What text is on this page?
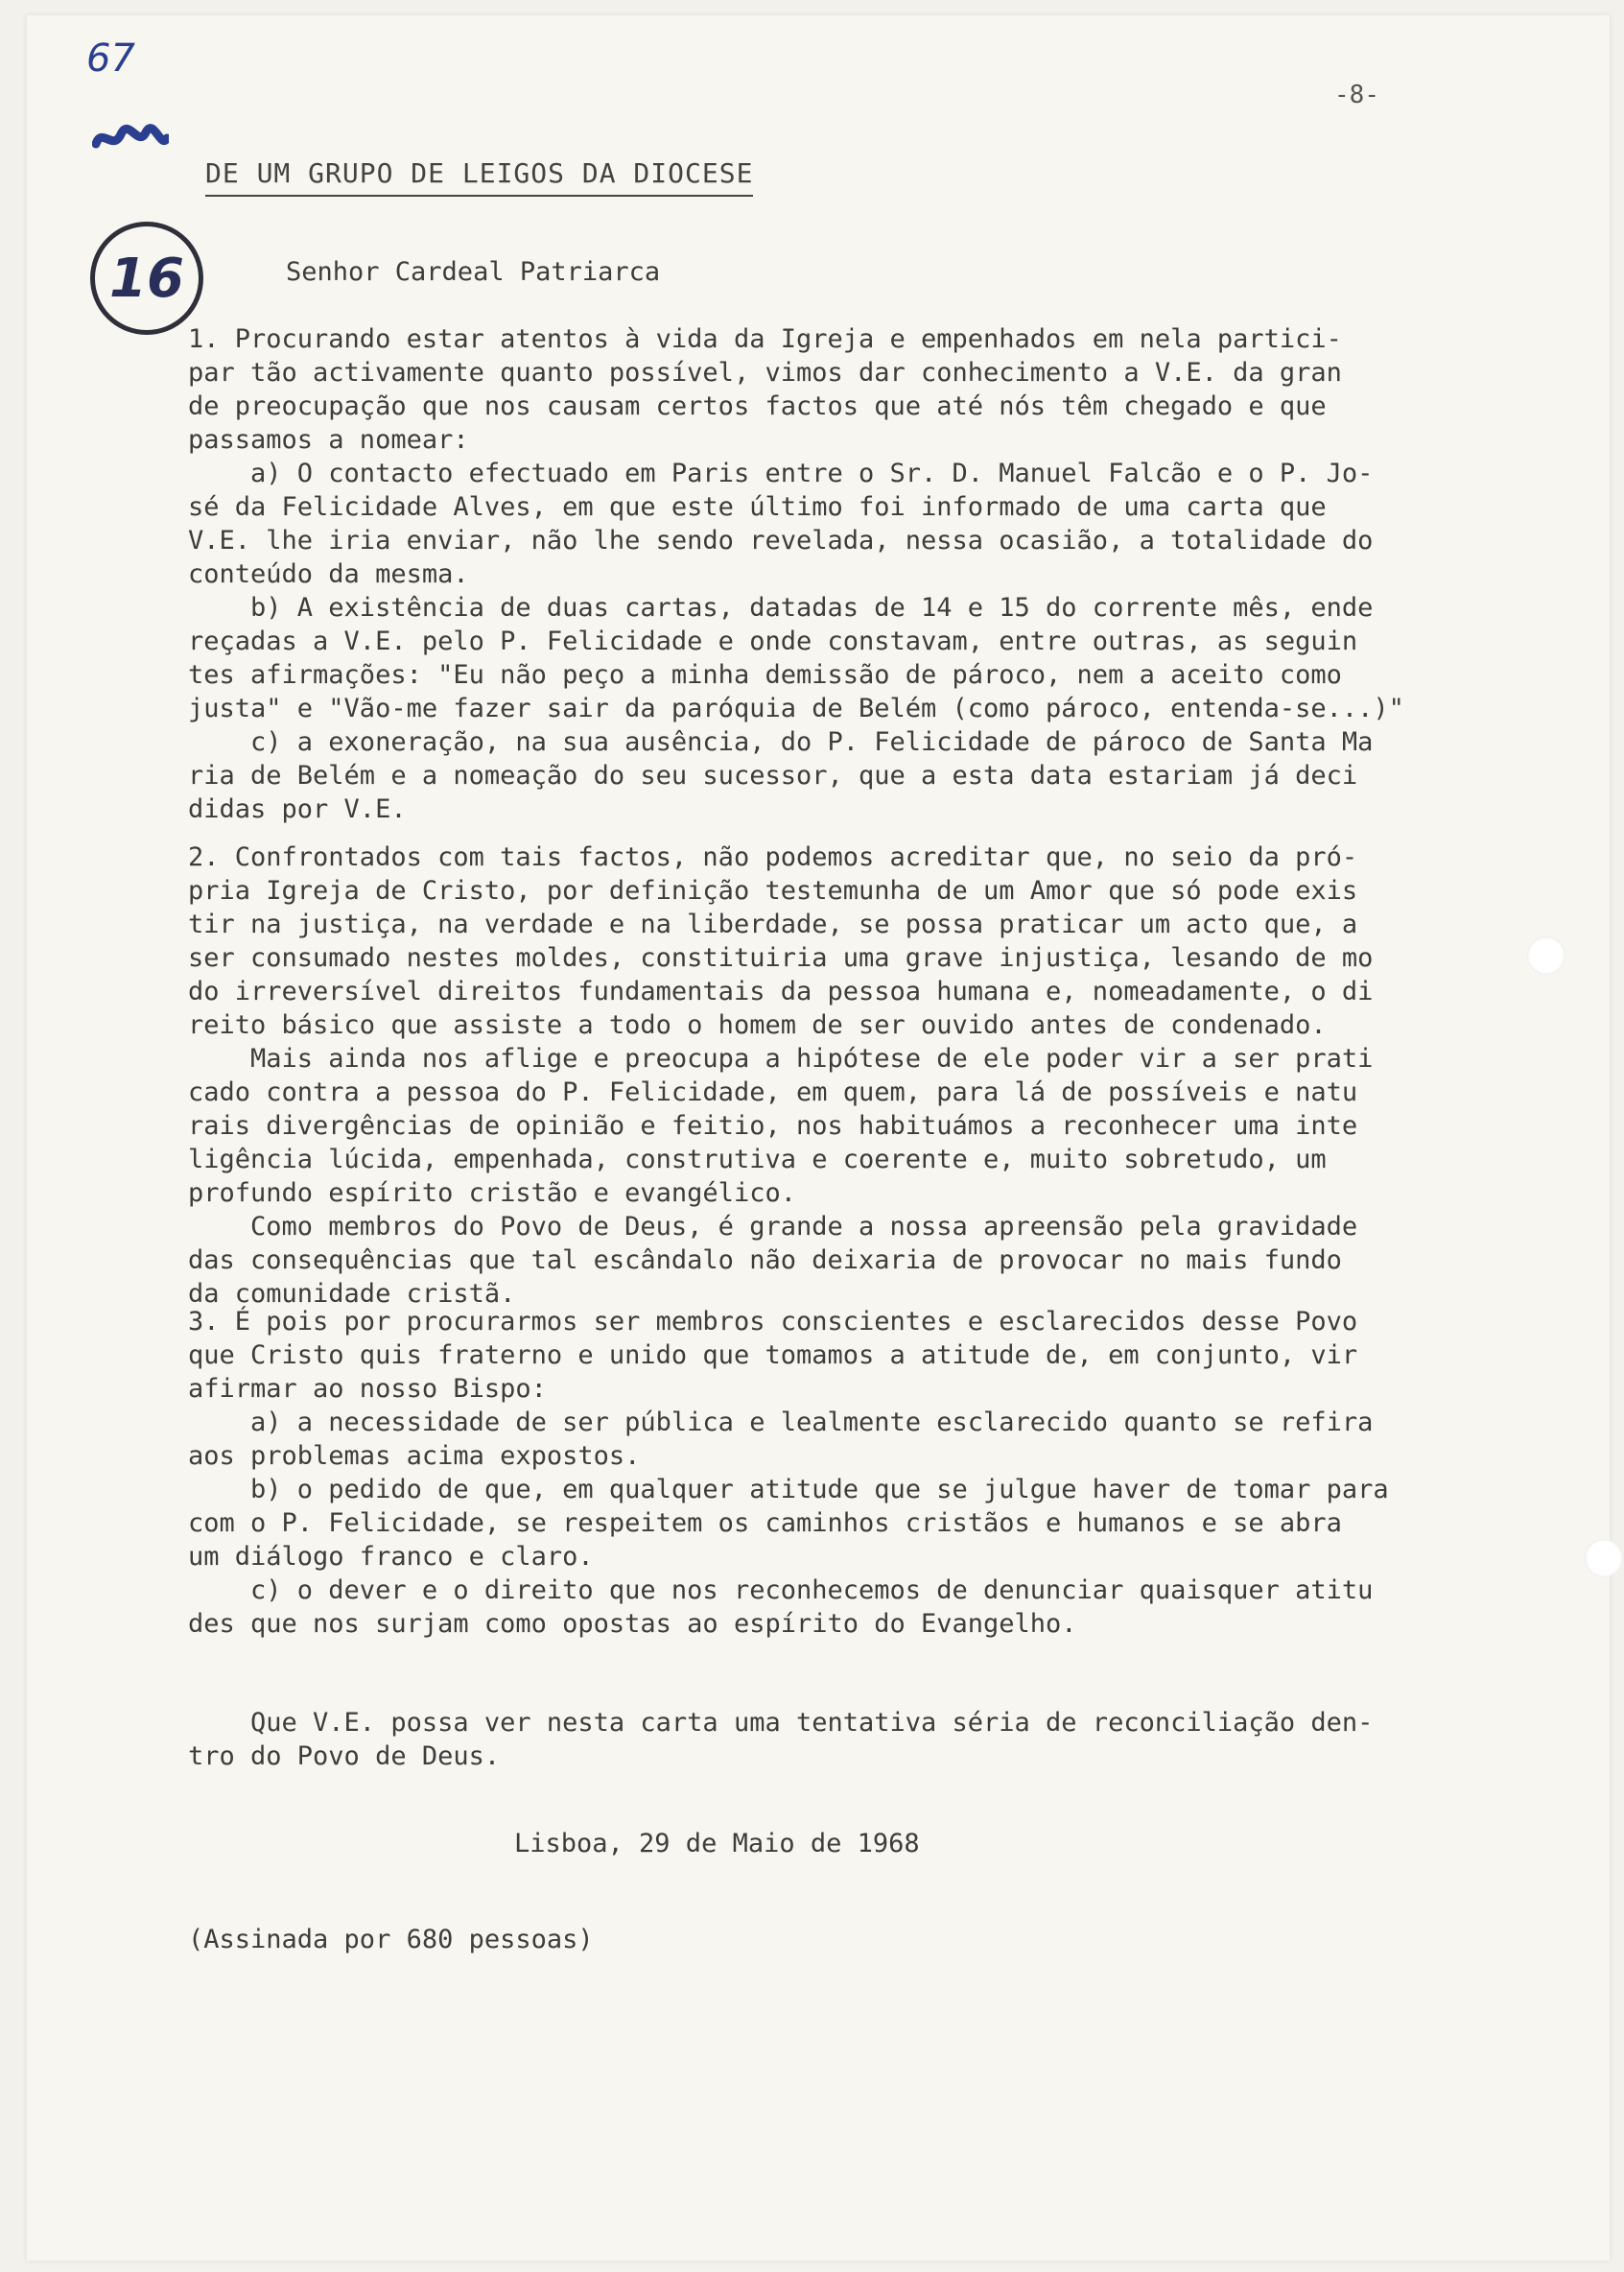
67
16
-8-
DE UM GRUPO DE LEIGOS DA DIOCESE
Senhor Cardeal Patriarca
1. Procurando estar atentos à vida da Igreja e empenhados em nela partici-
par tão activamente quanto possível, vimos dar conhecimento a V.E. da gran
de preocupação que nos causam certos factos que até nós têm chegado e que
passamos a nomear:
a) O contacto efectuado em Paris entre o Sr. D. Manuel Falcão e o P. Jo-
sé da Felicidade Alves, em que este último foi informado de uma carta que
V.E. lhe iria enviar, não lhe sendo revelada, nessa ocasião, a totalidade do
conteúdo da mesma.
b) A existência de duas cartas, datadas de 14 e 15 do corrente mês, ende
reçadas a V.E. pelo P. Felicidade e onde constavam, entre outras, as seguin
tes afirmações: "Eu não peço a minha demissão de pároco, nem a aceito como
justa" e "Vão-me fazer sair da paróquia de Belém (como pároco, entenda-se...)"
c) a exoneração, na sua ausência, do P. Felicidade de pároco de Santa Ma
ria de Belém e a nomeação do seu sucessor, que a esta data estariam já deci
didas por V.E.
2. Confrontados com tais factos, não podemos acreditar que, no seio da pró-
pria Igreja de Cristo, por definição testemunha de um Amor que só pode exis
tir na justiça, na verdade e na liberdade, se possa praticar um acto que, a
ser consumado nestes moldes, constituiria uma grave injustiça, lesando de mo
do irreversível direitos fundamentais da pessoa humana e, nomeadamente, o di
reito básico que assiste a todo o homem de ser ouvido antes de condenado.
Mais ainda nos aflige e preocupa a hipótese de ele poder vir a ser prati
cado contra a pessoa do P. Felicidade, em quem, para lá de possíveis e natu
rais divergências de opinião e feitio, nos habituámos a reconhecer uma inte
ligência lúcida, empenhada, construtiva e coerente e, muito sobretudo, um
profundo espírito cristão e evangélico.
Como membros do Povo de Deus, é grande a nossa apreensão pela gravidade
das consequências que tal escândalo não deixaria de provocar no mais fundo
da comunidade cristã.
3. É pois por procurarmos ser membros conscientes e esclarecidos desse Povo
que Cristo quis fraterno e unido que tomamos a atitude de, em conjunto, vir
afirmar ao nosso Bispo:
a) a necessidade de ser pública e lealmente esclarecido quanto se refira
aos problemas acima expostos.
b) o pedido de que, em qualquer atitude que se julgue haver de tomar para
com o P. Felicidade, se respeitem os caminhos cristãos e humanos e se abra
um diálogo franco e claro.
c) o dever e o direito que nos reconhecemos de denunciar quaisquer atitu
des que nos surjam como opostas ao espírito do Evangelho.
Que V.E. possa ver nesta carta uma tentativa séria de reconciliação den-
tro do Povo de Deus.
Lisboa, 29 de Maio de 1968
(Assinada por 680 pessoas)
